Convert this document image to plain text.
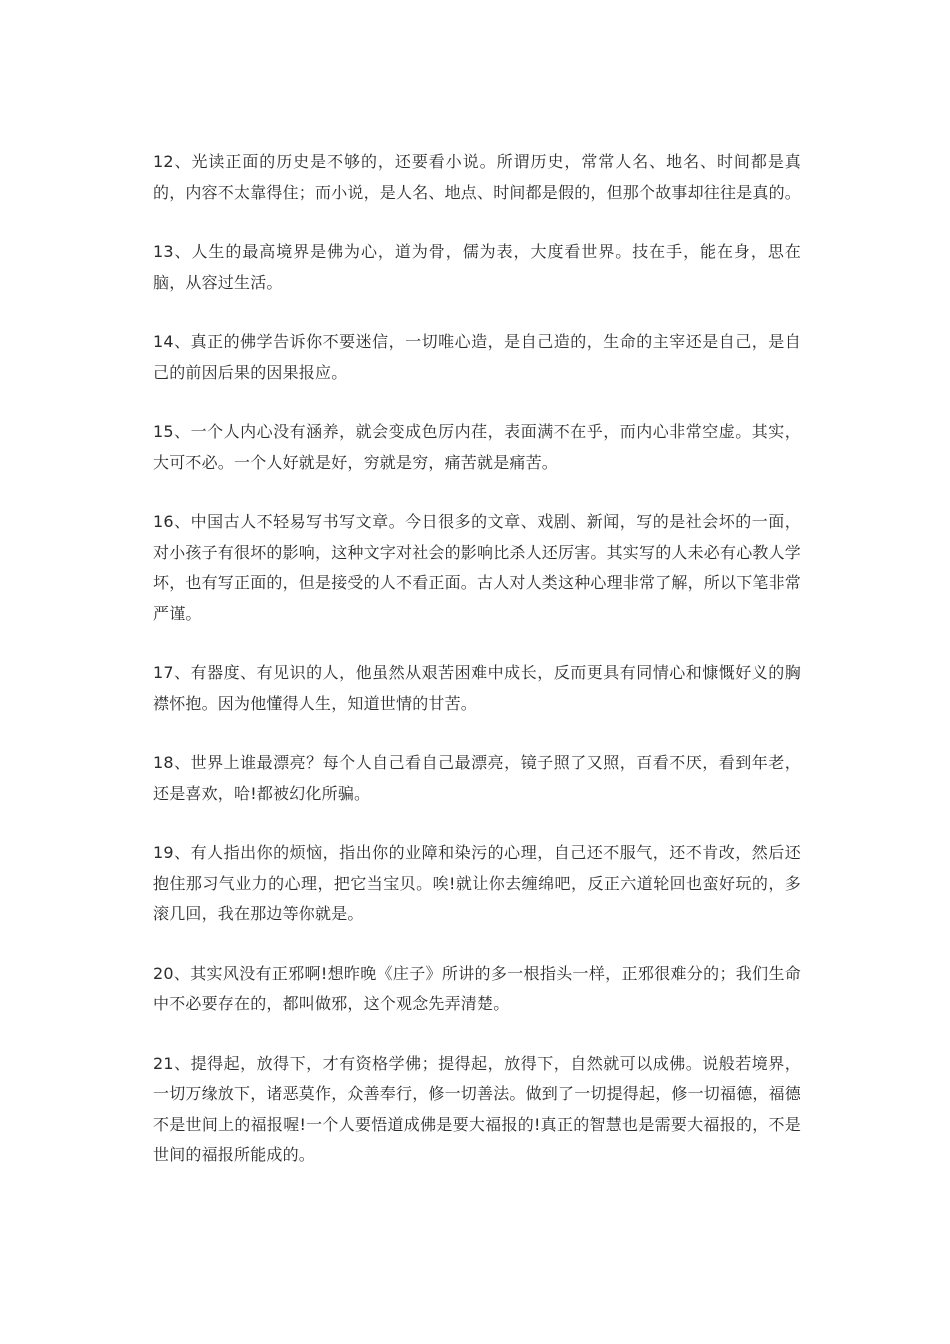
12、光读正面的历史是不够的，还要看小说。所谓历史，常常人名、地名、时间都是真的，内容不太靠得住；而小说，是人名、地点、时间都是假的，但那个故事却往往是真的。

13、人生的最高境界是佛为心，道为骨，儒为表，大度看世界。技在手，能在身，思在脑，从容过生活。

14、真正的佛学告诉你不要迷信，一切唯心造，是自己造的，生命的主宰还是自己，是自己的前因后果的因果报应。

15、一个人内心没有涵养，就会变成色厉内荏，表面满不在乎，而内心非常空虚。其实，大可不必。一个人好就是好，穷就是穷，痛苦就是痛苦。

16、中国古人不轻易写书写文章。今日很多的文章、戏剧、新闻，写的是社会坏的一面，对小孩子有很坏的影响，这种文字对社会的影响比杀人还厉害。其实写的人未必有心教人学坏，也有写正面的，但是接受的人不看正面。古人对人类这种心理非常了解，所以下笔非常严谨。

17、有器度、有见识的人，他虽然从艰苦困难中成长，反而更具有同情心和慷慨好义的胸襟怀抱。因为他懂得人生，知道世情的甘苦。

18、世界上谁最漂亮？每个人自己看自己最漂亮，镜子照了又照，百看不厌，看到年老，还是喜欢，哈!都被幻化所骗。

19、有人指出你的烦恼，指出你的业障和染污的心理，自己还不服气，还不肯改，然后还抱住那习气业力的心理，把它当宝贝。唉!就让你去缠绵吧，反正六道轮回也蛮好玩的，多滚几回，我在那边等你就是。

20、其实风没有正邪啊!想昨晚《庄子》所讲的多一根指头一样，正邪很难分的；我们生命中不必要存在的，都叫做邪，这个观念先弄清楚。

21、提得起，放得下，才有资格学佛；提得起，放得下，自然就可以成佛。说般若境界，一切万缘放下，诸恶莫作，众善奉行，修一切善法。做到了一切提得起，修一切福德，福德不是世间上的福报喔!一个人要悟道成佛是要大福报的!真正的智慧也是需要大福报的，不是世间的福报所能成的。
